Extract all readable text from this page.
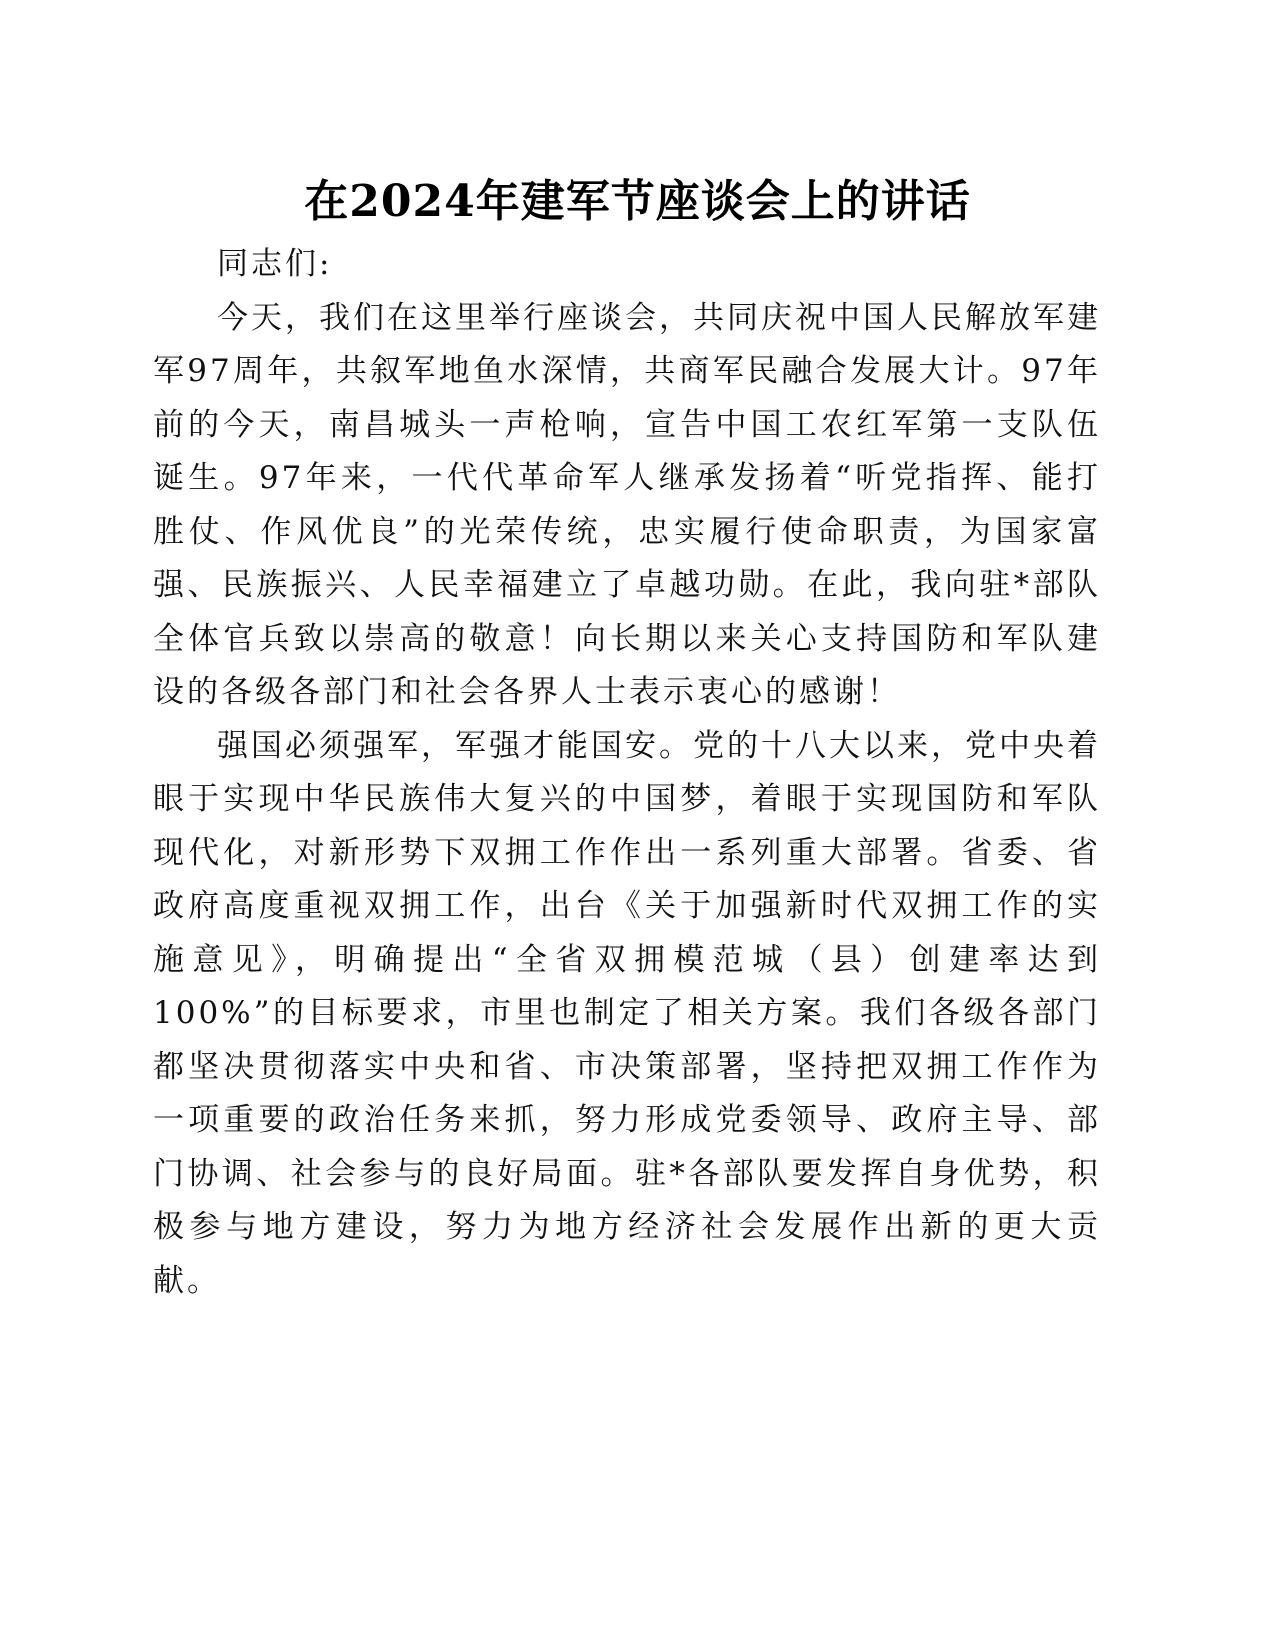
在2024年建军节座谈会上的讲话

同志们:

今天，我们在这里举行座谈会，共同庆祝中国人民解放军建军97周年，共叙军地鱼水深情，共商军民融合发展大计。97年前的今天，南昌城头一声枪响，宣告中国工农红军第一支队伍诞生。97年来，一代代革命军人继承发扬着“听党指挥、能打胜仗、作风优良”的光荣传统，忠实履行使命职责，为国家富强、民族振兴、人民幸福建立了卓越功勋。在此，我向驻*部队全体官兵致以崇高的敬意！向长期以来关心支持国防和军队建设的各级各部门和社会各界人士表示衷心的感谢！

强国必须强军，军强才能国安。党的十八大以来，党中央着眼于实现中华民族伟大复兴的中国梦，着眼于实现国防和军队现代化，对新形势下双拥工作作出一系列重大部署。省委、省政府高度重视双拥工作，出台《关于加强新时代双拥工作的实施意见》，明确提出“全省双拥模范城（县）创建率达到100%”的目标要求，市里也制定了相关方案。我们各级各部门都坚决贯彻落实中央和省、市决策部署，坚持把双拥工作作为一项重要的政治任务来抓，努力形成党委领导、政府主导、部门协调、社会参与的良好局面。驻*各部队要发挥自身优势，积极参与地方建设，努力为地方经济社会发展作出新的更大贡献。
